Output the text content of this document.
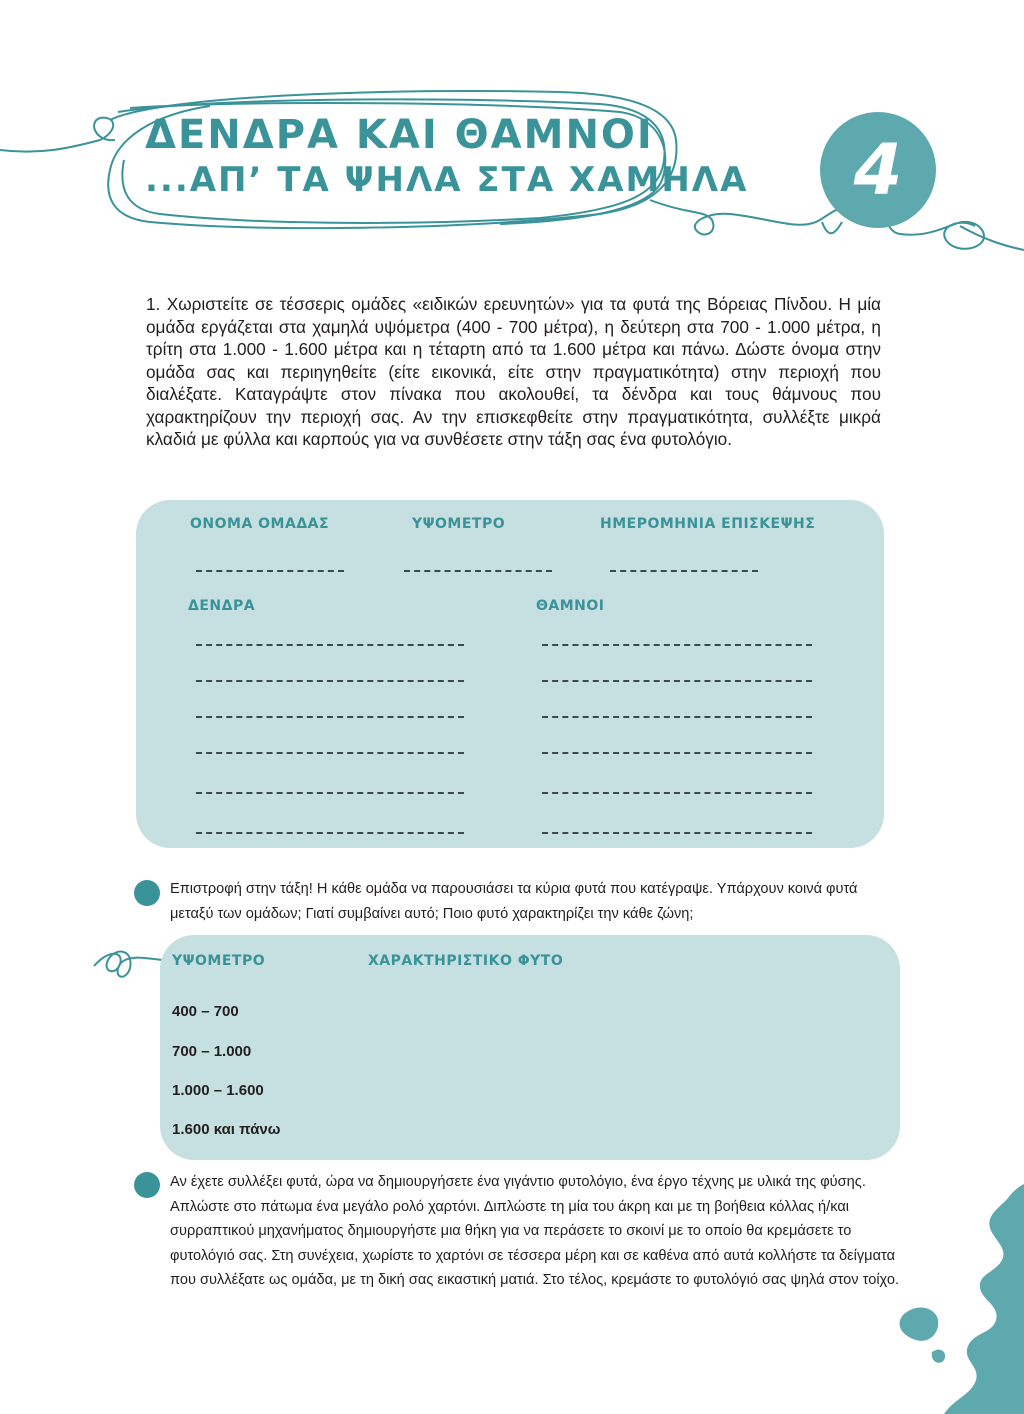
ΔΕΝΔΡΑ ΚΑΙ ΘΑΜΝΟΙ
...ΑΠ’ ΤΑ ΨΗΛΑ ΣΤΑ ΧΑΜΗΛΑ	4

1. Χωριστείτε σε τέσσερις ομάδες «ειδικών ερευνητών» για τα φυτά της Βόρειας Πίνδου. Η μία ομάδα εργάζεται στα χαμηλά υψόμετρα (400 - 700 μέτρα), η δεύτερη στα 700 - 1.000 μέτρα, η τρίτη στα 1.000 - 1.600 μέτρα και η τέταρτη από τα 1.600 μέτρα και πάνω. Δώστε όνομα στην ομάδα σας και περιηγηθείτε (είτε εικονικά, είτε στην πραγματικότητα) στην περιοχή που διαλέξατε. Καταγράψτε στον πίνακα που ακολουθεί, τα δένδρα και τους θάμνους που χαρακτηρίζουν την περιοχή σας. Αν την επισκεφθείτε στην πραγματικότητα, συλλέξτε μικρά κλαδιά με φύλλα και καρπούς για να συνθέσετε στην τάξη σας ένα φυτολόγιο.

ΟΝΟΜΑ ΟΜΑΔΑΣ	ΥΨΟΜΕΤΡΟ	ΗΜΕΡΟΜΗΝΙΑ ΕΠΙΣΚΕΨΗΣ
ΔΕΝΔΡΑ	ΘΑΜΝΟΙ

Επιστροφή στην τάξη! Η κάθε ομάδα να παρουσιάσει τα κύρια φυτά που κατέγραψε. Υπάρχουν κοινά φυτά μεταξύ των ομάδων; Γιατί συμβαίνει αυτό; Ποιο φυτό χαρακτηρίζει την κάθε ζώνη;

ΥΨΟΜΕΤΡΟ	ΧΑΡΑΚΤΗΡΙΣΤΙΚΟ ΦΥΤΟ
400 – 700
700 – 1.000
1.000 – 1.600
1.600 και πάνω

Αν έχετε συλλέξει φυτά, ώρα να δημιουργήσετε ένα γιγάντιο φυτολόγιο, ένα έργο τέχνης με υλικά της φύσης. Απλώστε στο πάτωμα ένα μεγάλο ρολό χαρτόνι. Διπλώστε τη μία του άκρη και με τη βοήθεια κόλλας ή/και συρραπτικού μηχανήματος δημιουργήστε μια θήκη για να περάσετε το σκοινί με το οποίο θα κρεμάσετε το φυτολόγιό σας. Στη συνέχεια, χωρίστε το χαρτόνι σε τέσσερα μέρη και σε καθένα από αυτά κολλήστε τα δείγματα που συλλέξατε ως ομάδα, με τη δική σας εικαστική ματιά. Στο τέλος, κρεμάστε το φυτολόγιό σας ψηλά στον τοίχο.
